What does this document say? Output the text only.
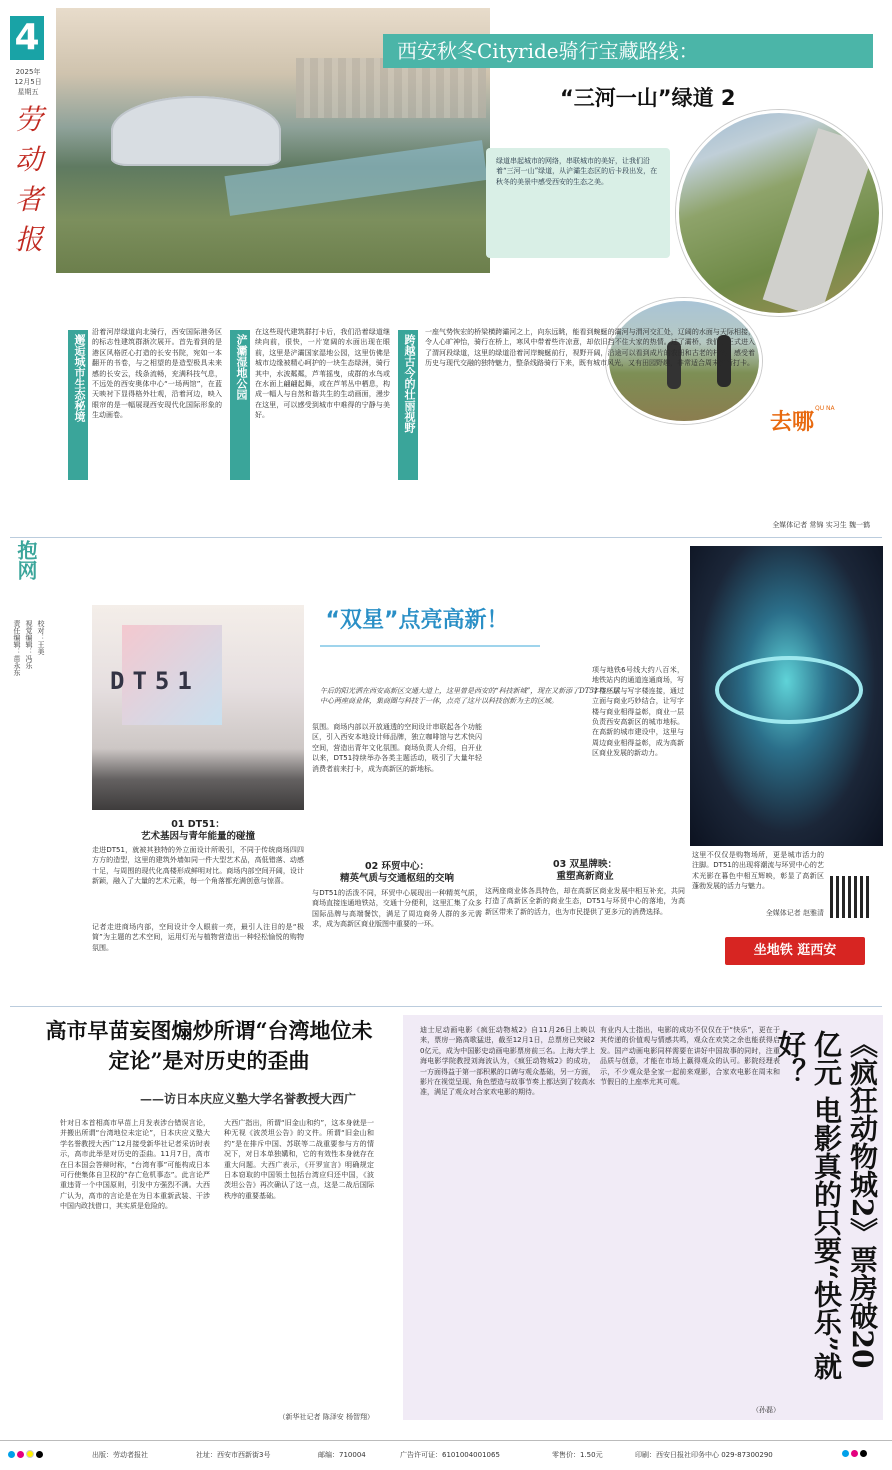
4
2025年
12月5日
星期五
劳动者报
西安秋冬Cityride骑行宝藏路线：
“三河一山”绿道 2
绿道串起城市的网络，串联城市的美好，让我们沿着“三河一山”绿道，从浐灞生态区的后卡段出发，在秋冬的美景中感受西安的生态之美。
邂逅城市生态秘境

沿着河岸绿道向北骑行，西安国际港务区的标志性建筑群渐次展开。首先看到的是港区风格匠心打造的长安书院，宛如一本翻开的书卷，与之相望的是造型极具未来感的长安云，线条流畅，充满科技气息，不远处的西安奥体中心“一场两馆”，在蓝天映衬下显得格外壮观，沿着河边，映入眼帘的是一幅展现西安现代化国际形象的生动画卷。

浐灞湿地公园

在这些现代建筑群打卡后，我们沿着绿道继续向前，很快，一片宽阔的水面出现在眼前，这里是浐灞国家湿地公园，这里仿佛是城市边缘被精心呵护的一块生态绿洲，骑行其中，水波粼粼，芦苇摇曳，成群的水鸟或在水面上翩翩起舞，或在芦苇丛中栖息，构成一幅人与自然和谐共生的生动画面，漫步在这里，可以感受到城市中难得的宁静与美好。	跨越古今的壮丽视野

一座气势恢宏的桥梁横跨灞河之上，向东远眺，能看到蜿蜒的灞河与渭河交汇处，辽阔的水面与天际相接，令人心旷神怡，骑行在桥上，寒风中带着些许凉意，却依旧挡不住大家的热情。过了灞桥，我们便正式进入了渭河段绿道，这里的绿道沿着河岸蜿蜒前行，视野开阔，沿途可以看到成片的农田和古老的村落，感受着历史与现代交融的独特魅力，整条线路骑行下来，既有城市风光，又有田园野趣，非常适合周末骑行打卡。

去哪
QU NA
全媒体记者 常锦 实习生 魏一鹤
抱网
责任编辑：苗永东 视觉编辑：冯乐 校对：王美
DT51
“双星”点亮高新！
午后的阳光洒在西安高新区交通大道上，这里曾是西安的“科技新城”，现在又新添了DT51与环球中心两座商业体，集商圈与科技于一体，点亮了这片以科技创新为主的区域。
01 DT51：
艺术基因与青年能量的碰撞

走进DT51，就被其独特的外立面设计所吸引，不同于传统商场四四方方的造型，这里的建筑外墙如同一件大型艺术品，高低错落、动感十足，与周围的现代化高楼形成鲜明对比。商场内部空间开阔，设计新颖，融入了大量的艺术元素，每一个角落都充满创意与惊喜。

记者走进商场内部，空间设计令人眼前一亮，最引人注目的是“极简”为主题的艺术空间，运用灯光与植物营造出一种轻松愉悦的购物氛围。

氛围。商场内部以开放通透的空间设计串联起各个功能区，引入西安本地设计师品牌，独立咖啡馆与艺术快闪空间，营造出青年文化氛围。商场负责人介绍，自开业以来，DT51持续举办各类主题活动，吸引了大量年轻消费者前来打卡，成为高新区的新地标。

02 环贸中心：
精英气质与交通枢纽的交响

与DT51的活泼不同，环贸中心展现出一种精英气质，商场直接连通地铁站，交通十分便利，这里汇集了众多国际品牌与高端餐饮，满足了周边商务人群的多元需求，成为高新区商业版图中重要的一环。

项与地铁6号线大约八百米，地铁站内的通道连通商场，写字楼三层与写字楼连接，通过立面与商业巧妙结合，让写字楼与商业相得益彰，商业一层负责西安高新区的城市地标。在高新的城市建设中，这里与周边商业相得益彰，成为高新区商业发展的新动力。

03 双星牌映：
重塑高新商业

这两座商业体各具特色，却在高新区商业发展中相互补充，共同打造了高新区全新的商业生态，DT51与环贸中心的落地，为高新区带来了新的活力，也为市民提供了更多元的消费选择。

这里不仅仅是购物场所，更是城市活力的注脚。DT51的出现将潮流与环贸中心的艺术光影在暮色中相互辉映，彰显了高新区蓬勃发展的活力与魅力。

全媒体记者 赵雅清
坐地铁 逛西安
高市早苗妄图煽炒所谓“台湾地位未定论”是对历史的歪曲
——访日本庆应义塾大学名誉教授大西广

针对日本首相高市早苗上月发表涉台错误言论，并搬出所谓“台湾地位未定论”，日本庆应义塾大学名誉教授大西广12月接受新华社记者采访时表示，高市此举是对历史的歪曲。11月7日，高市在日本国会答辩时称，“台湾有事”可能构成日本可行使集体自卫权的“存亡危机事态”。此言论严重违背一个中国原则，引发中方强烈不满。大西广认为，高市的言论是在为日本重新武装、干涉中国内政找借口，其实质是危险的。

大西广指出，所谓“旧金山和约”，这本身就是一种无视《波茨坦公告》的文件。所谓“旧金山和约”是在排斥中国、苏联等二战重要参与方的情况下，对日本单独媾和，它的有效性本身就存在重大问题。大西广表示，《开罗宣言》明确规定日本窃取的中国领土包括台湾应归还中国，《波茨坦公告》再次确认了这一点，这是二战后国际秩序的重要基础。

（新华社记者 陈泽安 杨智翔）

迪士尼动画电影《疯狂动物城2》自11月26日上映以来，票房一路高歌猛进，截至12月1日，总票房已突破20亿元，成为中国影史动画电影票房前三名。上海大学上海电影学院教授刘海波认为，《疯狂动物城2》的成功，一方面得益于第一部积累的口碑与观众基础，另一方面，影片在视觉呈现、角色塑造与故事节奏上都达到了较高水准，满足了观众对合家欢电影的期待。

有业内人士指出，电影的成功不仅仅在于“快乐”，更在于其传递的价值观与情感共鸣，观众在欢笑之余也能获得启发。国产动画电影同样需要在讲好中国故事的同时，注重品质与创意，才能在市场上赢得观众的认可。影院经理表示，不少观众是全家一起前来观影，合家欢电影在周末和节假日的上座率尤其可观。

（孙磊）
《疯狂动物城2》票房破20亿元 电影真的只要“快乐”就好？
出版：劳动者报社	社址：西安市西新街3号	邮编：710004	广告许可证：6101004001065	零售价：1.50元	印刷：西安日报社印务中心 029-87300290
